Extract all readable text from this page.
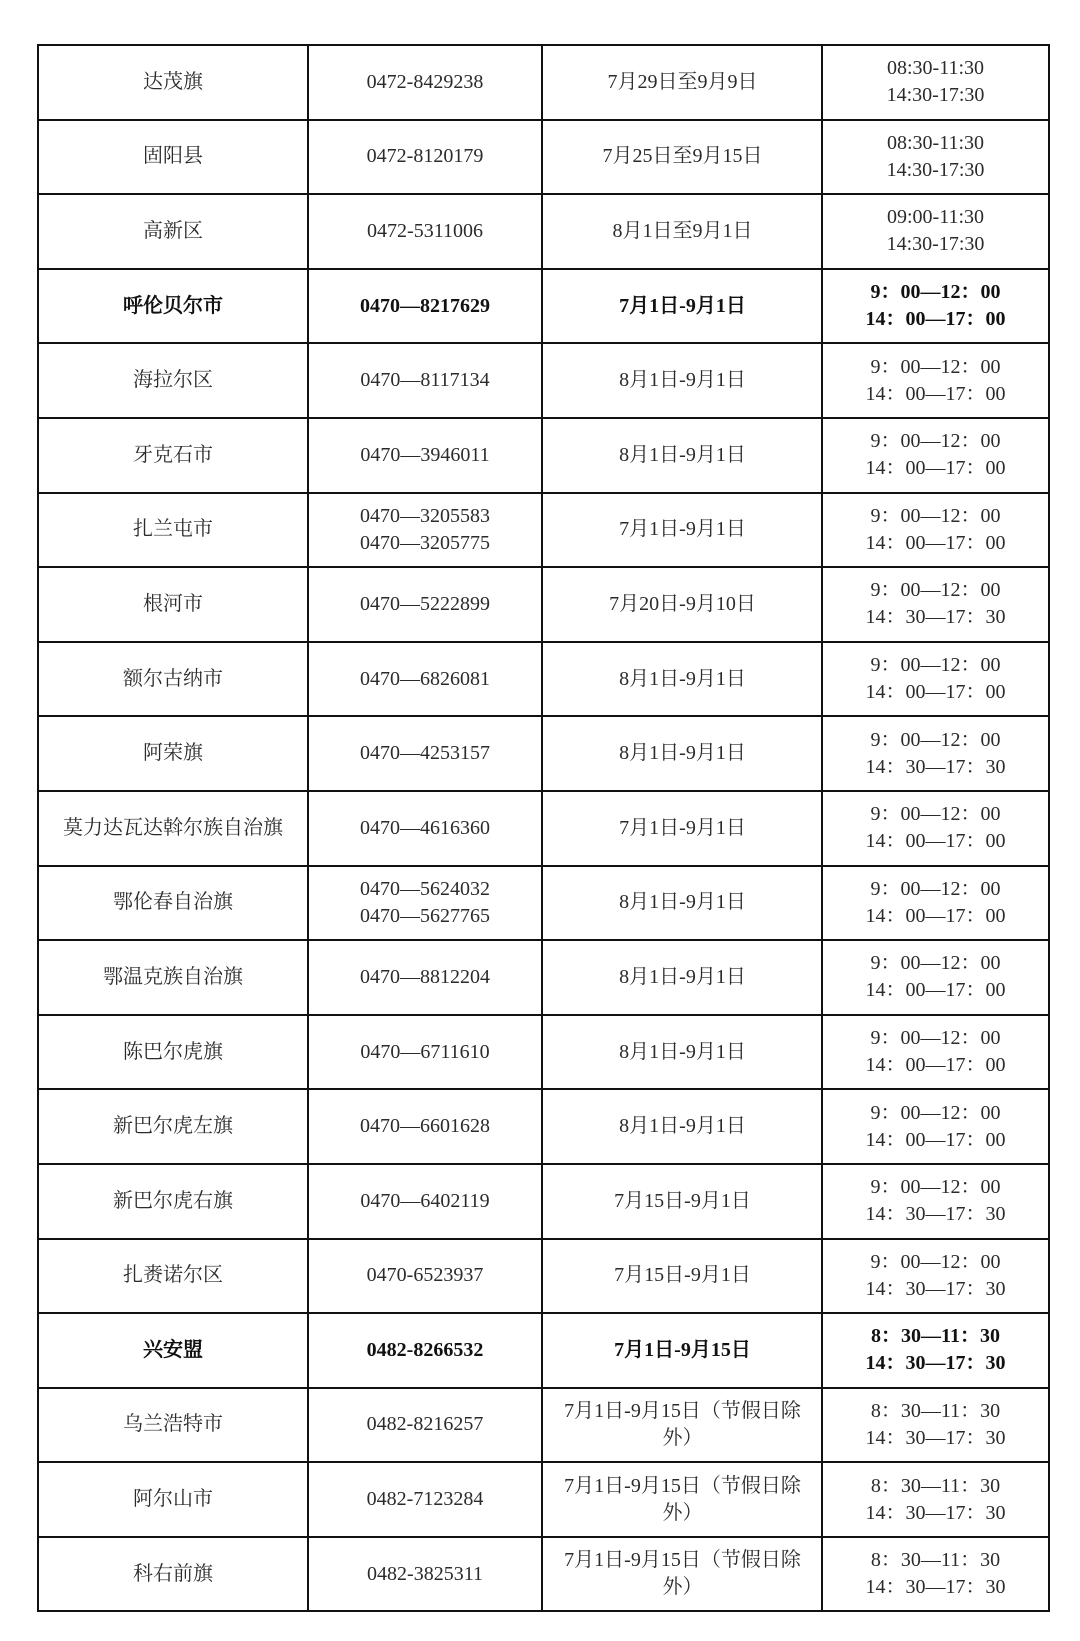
达茂旗	0472-8429238	7月29日至9月9日	08:30-11:30
14:30-17:30

固阳县	0472-8120179	7月25日至9月15日	08:30-11:30
14:30-17:30

高新区	0472-5311006	8月1日至9月1日	09:00-11:30
14:30-17:30

呼伦贝尔市	0470—8217629	7月1日-9月1日	9：00—12：00
14：00—17：00

海拉尔区	0470—8117134	8月1日-9月1日	9：00—12：00
14：00—17：00

牙克石市	0470—3946011	8月1日-9月1日	9：00—12：00
14：00—17：00

扎兰屯市	0470—3205583
0470—3205775	7月1日-9月1日	9：00—12：00
14：00—17：00

根河市	0470—5222899	7月20日-9月10日	9：00—12：00
14：30—17：30

额尔古纳市	0470—6826081	8月1日-9月1日	9：00—12：00
14：00—17：00

阿荣旗	0470—4253157	8月1日-9月1日	9：00—12：00
14：30—17：30

莫力达瓦达斡尔族自治旗	0470—4616360	7月1日-9月1日	9：00—12：00
14：00—17：00

鄂伦春自治旗	0470—5624032
0470—5627765	8月1日-9月1日	9：00—12：00
14：00—17：00

鄂温克族自治旗	0470—8812204	8月1日-9月1日	9：00—12：00
14：00—17：00

陈巴尔虎旗	0470—6711610	8月1日-9月1日	9：00—12：00
14：00—17：00

新巴尔虎左旗	0470—6601628	8月1日-9月1日	9：00—12：00
14：00—17：00

新巴尔虎右旗	0470—6402119	7月15日-9月1日	9：00—12：00
14：30—17：30

扎赉诺尔区	0470-6523937	7月15日-9月1日	9：00—12：00
14：30—17：30

兴安盟	0482-8266532	7月1日-9月15日	8：30—11：30
14：30—17：30

乌兰浩特市	0482-8216257	7月1日-9月15日（节假日除外）	8：30—11：30
14：30—17：30

阿尔山市	0482-7123284	7月1日-9月15日（节假日除外）	8：30—11：30
14：30—17：30

科右前旗	0482-3825311	7月1日-9月15日（节假日除外）	8：30—11：30
14：30—17：30
